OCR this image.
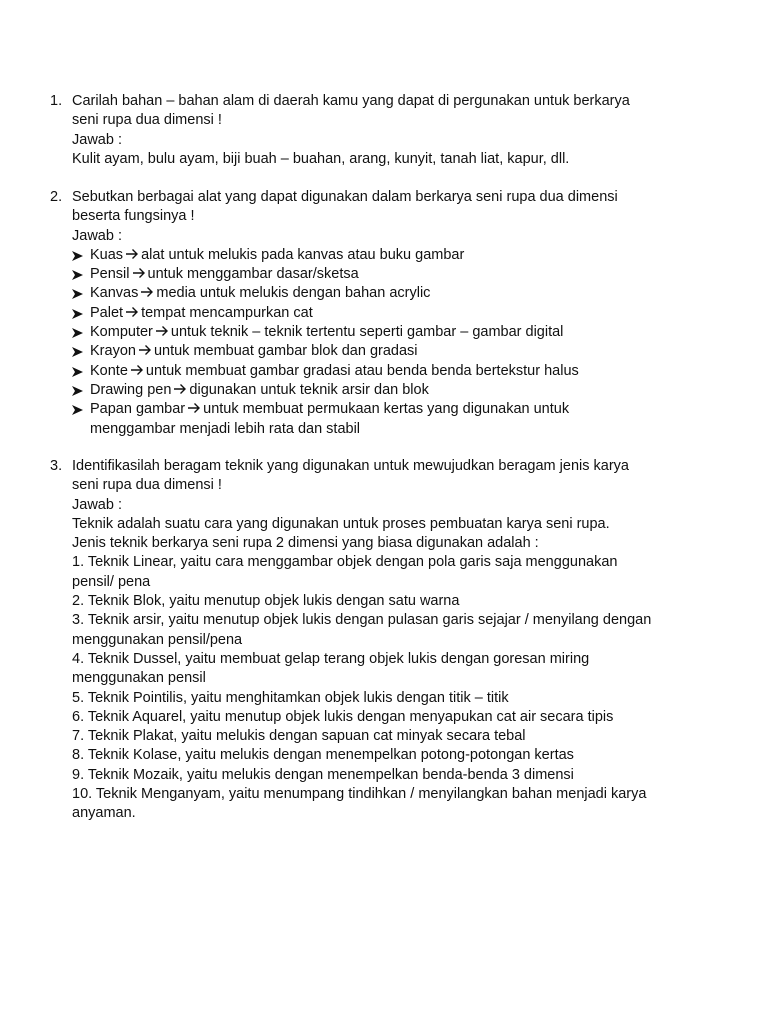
1. Carilah bahan – bahan alam di daerah kamu yang dapat di pergunakan untuk berkarya
seni rupa dua dimensi !
Jawab :
Kulit ayam, bulu ayam, biji buah – buahan, arang, kunyit, tanah liat, kapur, dll.
2. Sebutkan berbagai alat yang dapat digunakan dalam berkarya seni rupa dua dimensi
beserta fungsinya !
Jawab :
Kuas alat untuk melukis pada kanvas atau buku gambar
Pensil untuk menggambar dasar/sketsa
Kanvas media untuk melukis dengan bahan acrylic
Palet tempat mencampurkan cat
Komputer untuk teknik – teknik tertentu seperti gambar – gambar digital
Krayon untuk membuat gambar blok dan gradasi
Konte untuk membuat gambar gradasi atau benda benda bertekstur halus
Drawing pen digunakan untuk teknik arsir dan blok
Papan gambar untuk membuat permukaan kertas yang digunakan untuk
menggambar menjadi lebih rata dan stabil
3. Identifikasilah beragam teknik yang digunakan untuk mewujudkan beragam jenis karya
seni rupa dua dimensi !
Jawab :
Teknik adalah suatu cara yang digunakan untuk proses pembuatan karya seni rupa.
Jenis teknik berkarya seni rupa 2 dimensi yang biasa digunakan adalah :
1. Teknik Linear, yaitu cara menggambar objek dengan pola garis saja menggunakan
pensil/ pena
2. Teknik Blok, yaitu menutup objek lukis dengan satu warna
3. Teknik arsir, yaitu menutup objek lukis dengan pulasan garis sejajar / menyilang dengan
menggunakan pensil/pena
4. Teknik Dussel, yaitu membuat gelap terang objek lukis dengan goresan miring
menggunakan pensil
5. Teknik Pointilis, yaitu menghitamkan objek lukis dengan titik – titik
6. Teknik Aquarel, yaitu menutup objek lukis dengan menyapukan cat air secara tipis
7. Teknik Plakat, yaitu melukis dengan sapuan cat minyak secara tebal
8. Teknik Kolase, yaitu melukis dengan menempelkan potong-potongan kertas
9. Teknik Mozaik, yaitu melukis dengan menempelkan benda-benda 3 dimensi
10. Teknik Menganyam, yaitu menumpang tindihkan / menyilangkan bahan menjadi karya
anyaman.
